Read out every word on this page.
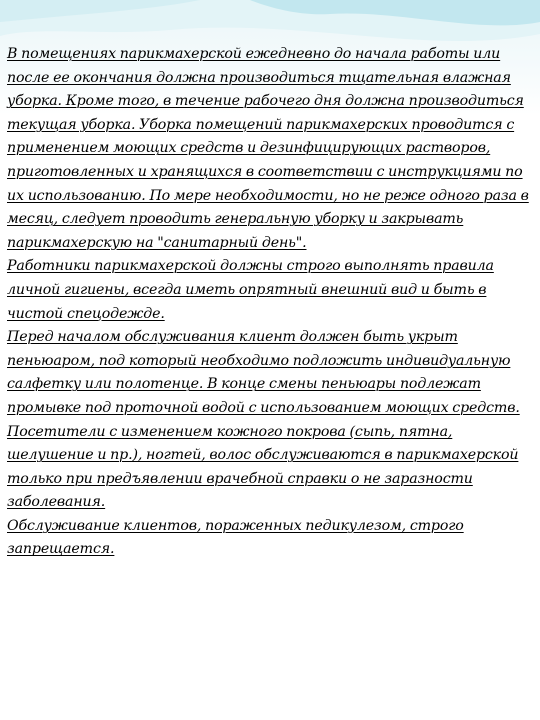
В помещениях парикмахерской ежедневно до начала работы или после ее окончания должна производиться тщательная влажная уборка. Кроме того, в течение рабочего дня должна производиться текущая уборка. Уборка помещений парикмахерских проводится с применением моющих средств и дезинфицирующих растворов, приготовленных и хранящихся в соответствии с инструкциями по их использованию. По мере необходимости, но не реже одного раза в месяц, следует проводить генеральную уборку и закрывать парикмахерскую на "санитарный день".

Работники парикмахерской должны строго выполнять правила личной гигиены, всегда иметь опрятный внешний вид и быть в чистой спецодежде.

Перед началом обслуживания клиент должен быть укрыт пеньюаром, под который необходимо подложить индивидуальную салфетку или полотенце. В конце смены пеньюары подлежат промывке под проточной водой с использованием моющих средств.

Посетители с изменением кожного покрова (сыпь, пятна, шелушение и пр.), ногтей, волос обслуживаются в парикмахерской только при предъявлении врачебной справки о не заразности заболевания.

Обслуживание клиентов, пораженных педикулезом, строго запрещается.
